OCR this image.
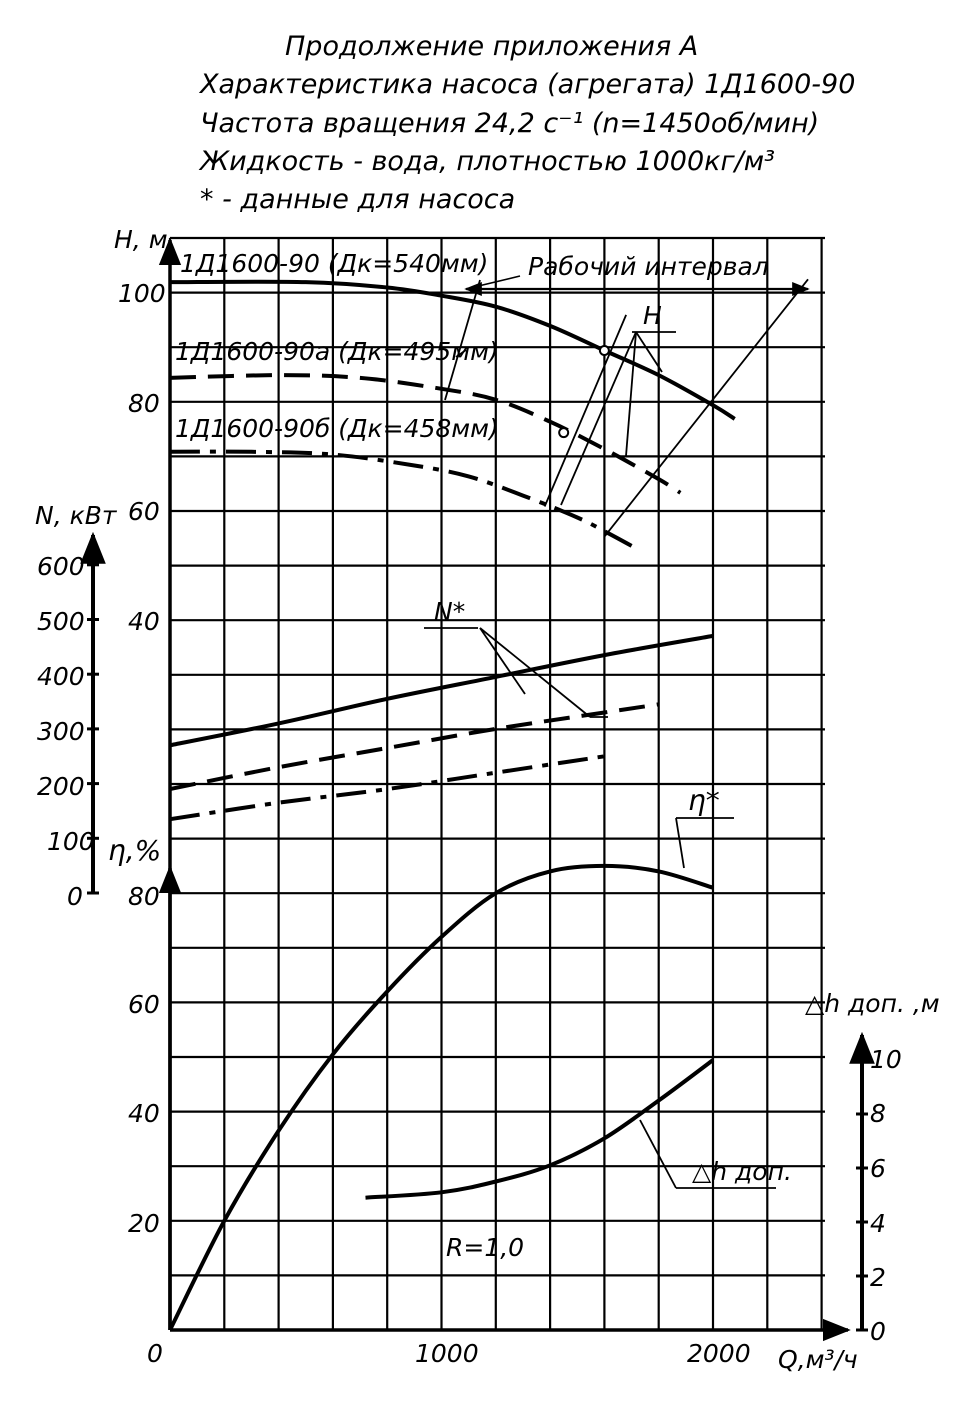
Продолжение приложения А
Характеристика насоса (агрегата) 1Д1600-90
Частота вращения 24,2 с⁻¹ (n=1450об/мин)
Жидкость - вода, плотностью 1000кг/м³
* - данные для насоса
0	1000	2000
100
80
60
40
600
500
400
300
200
100
0 80
60
40
20
10
8
6
4
2
0
H, м
N, кВт
η,%
△h доп. ,м
Q,м³/ч
1Д1600-90 (Дк=540мм)
1Д1600-90а (Дк=495мм)
1Д1600-90б (Дк=458мм)
Рабочий интервал
H
N*
η*
△h доп.
R=1,0
